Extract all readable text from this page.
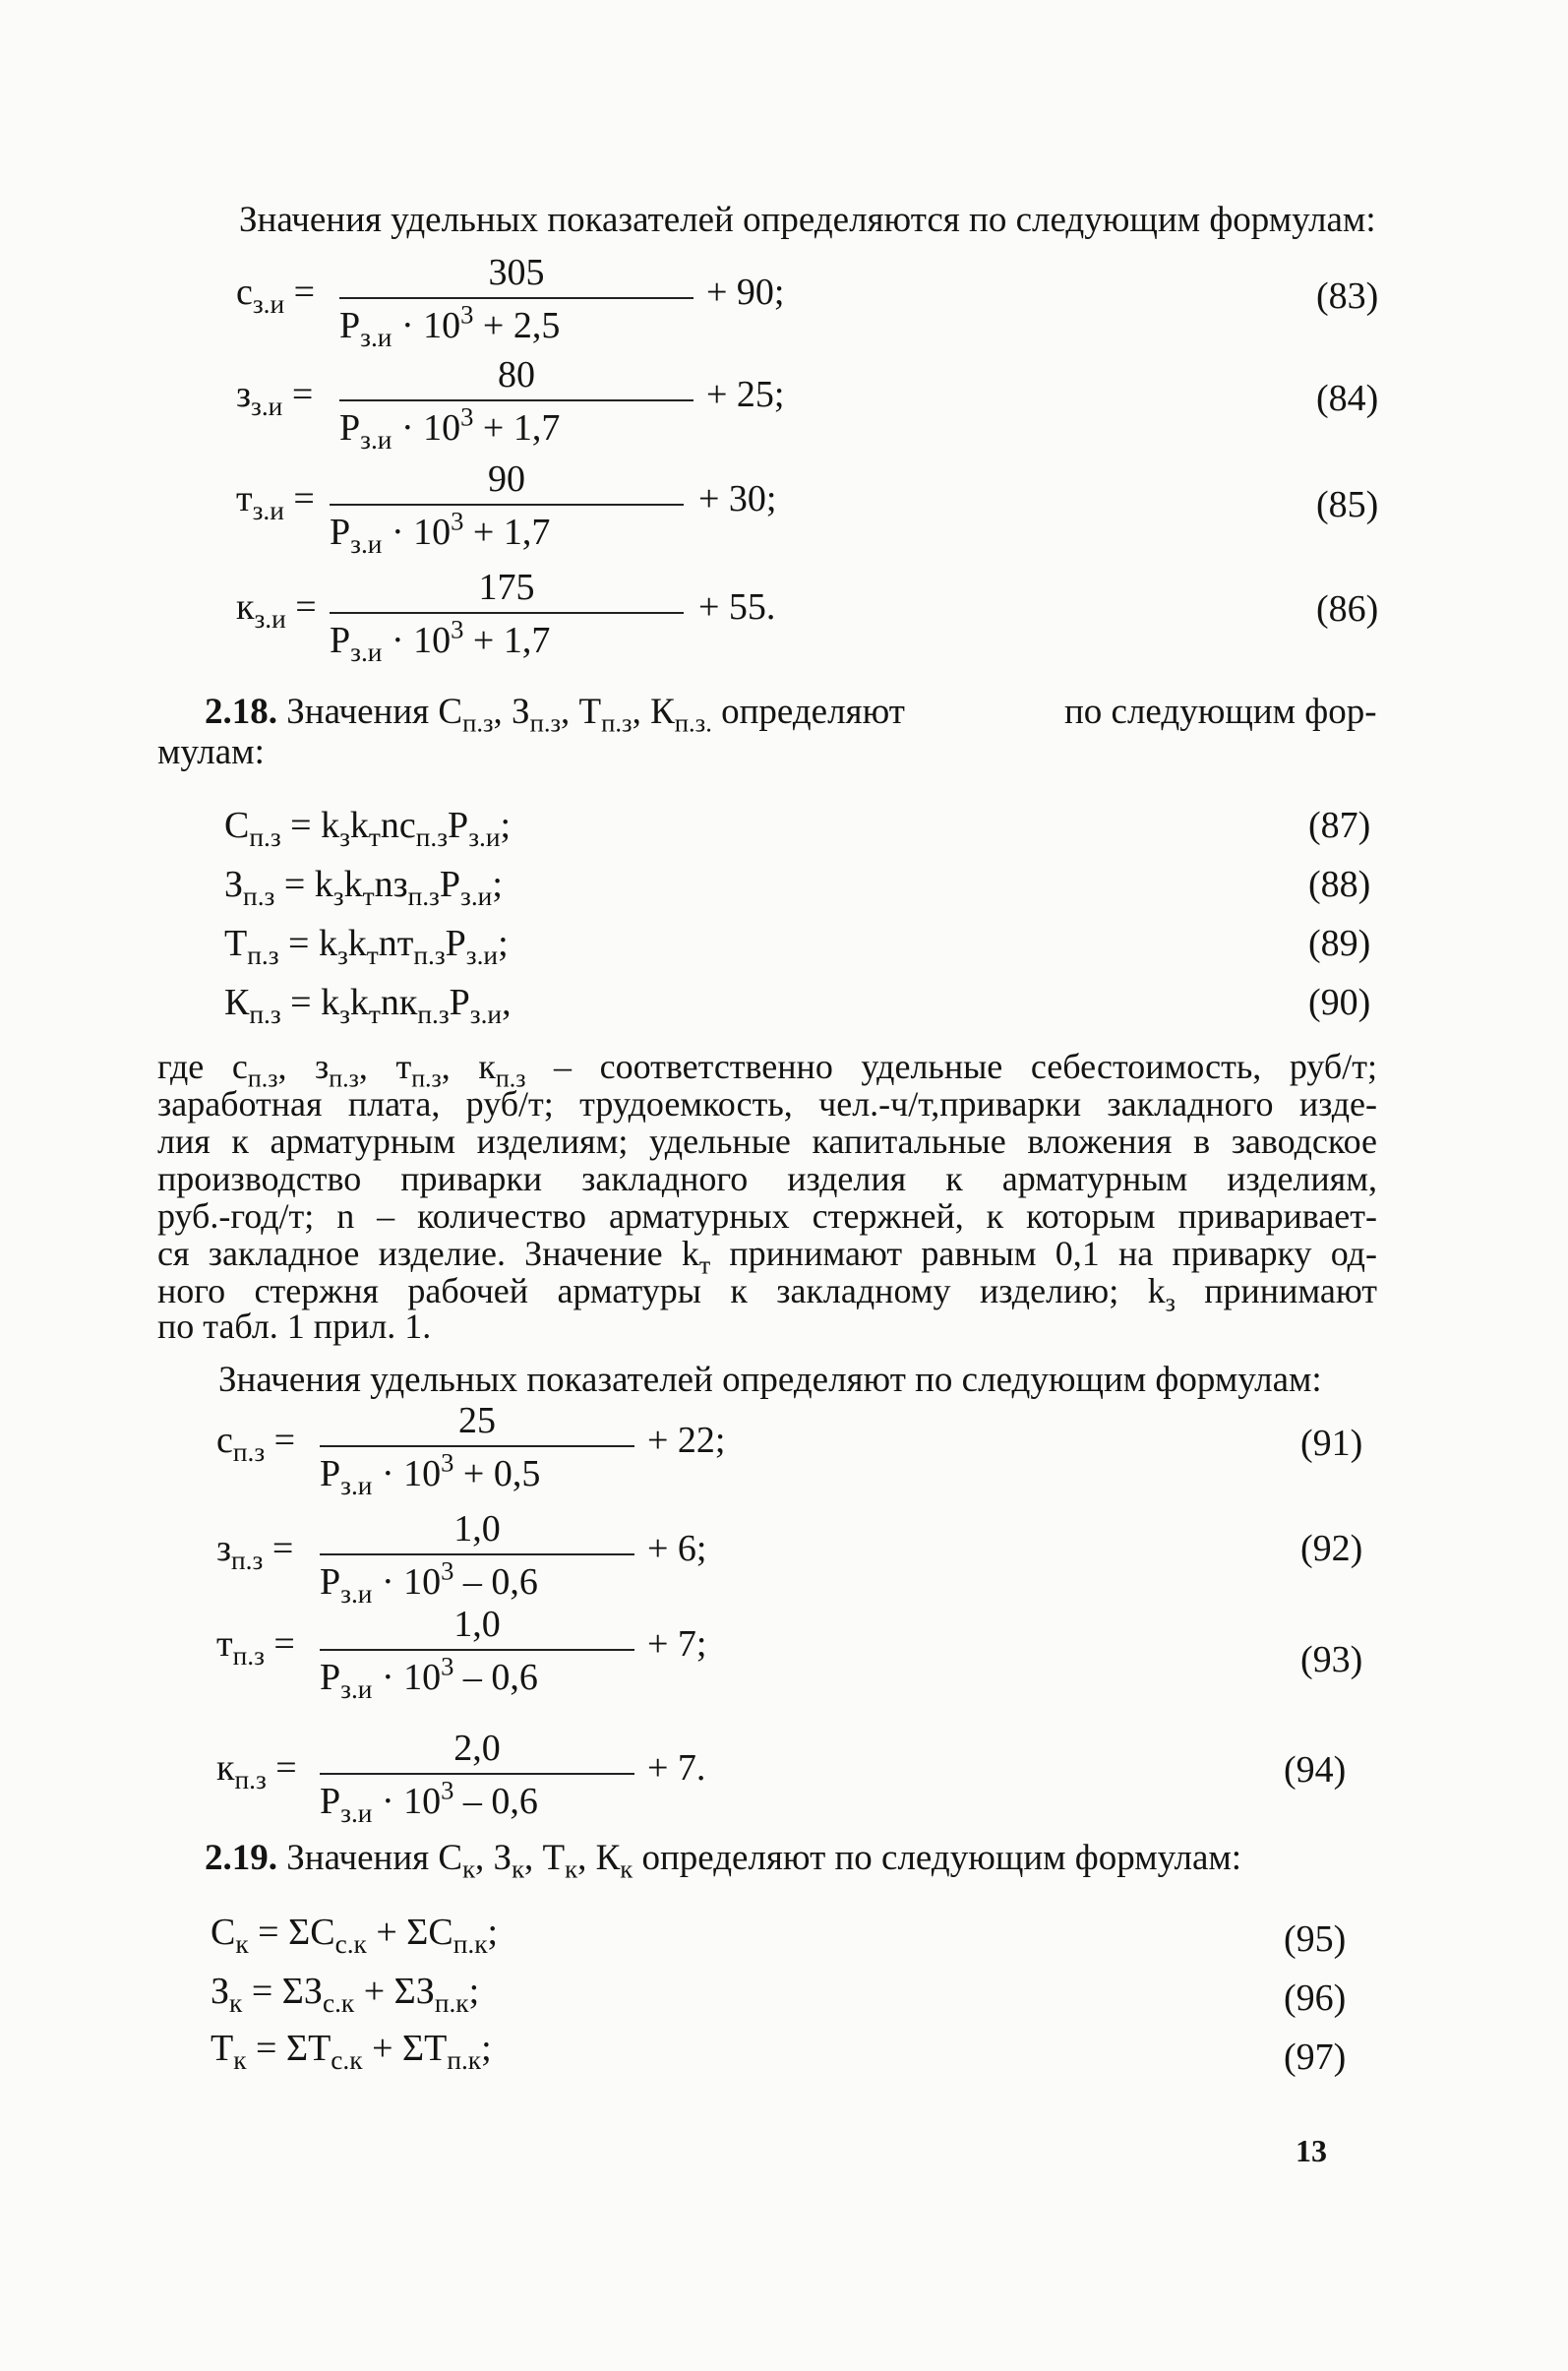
Значения удельных показателей определяются по следующим формулам:
$с_{з.и}$ =	305
$Р_{з.и} \cdot 10^3 + 2,5$
+ 90;	(83)
$з_{з.и}$ =	80
$Р_{з.и} \cdot 10^3 + 1,7$
+ 25;	(84)
$т_{з.и}$ =	90
$Р_{з.и} \cdot 10^3 + 1,7$
+ 30;	(85)
$к_{з.и}$ =	175
$Р_{з.и} \cdot 10^3 + 1,7$
+ 55.	(86)
2.18. Значения $С_{п.з}$, $З_{п.з}$, $Т_{п.з}$, $К_{п.з.}$ определяют	по следующим фор-
мулам:
$С_{п.з} = k_зk_тnс_{п.з}Р_{з.и}$;	(87)
$З_{п.з} = k_зk_тnз_{п.з}Р_{з.и}$;	(88)
$Т_{п.з} = k_зk_тnт_{п.з}Р_{з.и}$;	(89)
$К_{п.з} = k_зk_тnк_{п.з}Р_{з.и}$,	(90)
где $с_{п.з}$, $з_{п.з}$, $т_{п.з}$, $к_{п.з}$ – соответственно удельные себестоимость, руб/т;
заработная плата, руб/т; трудоемкость, чел.-ч/т,приварки закладного изде-
лия к арматурным изделиям; удельные капитальные вложения в заводское
производство приварки закладного изделия к арматурным изделиям,
руб.-год/т; n – количество арматурных стержней, к которым приваривает-
ся закладное изделие. Значение $k_т$ принимают равным 0,1 на приварку од-
ного стержня рабочей арматуры к закладному изделию; $k_з$ принимают
по табл. 1 прил. 1.
Значения удельных показателей определяют по следующим формулам:
$с_{п.з}$ =	25
$Р_{з.и} \cdot 10^3 + 0,5$
+ 22;	(91)
$з_{п.з}$ =	1,0
$Р_{з.и} \cdot 10^3 - 0,6$
+ 6;	(92)
$т_{п.з}$ =	1,0
$Р_{з.и} \cdot 10^3 - 0,6$
+ 7;	(93)
$к_{п.з}$ =	2,0
$Р_{з.и} \cdot 10^3 - 0,6$
+ 7.	(94)
2.19. Значения $С_к$, $З_к$, $Т_к$, $К_к$ определяют по следующим формулам:
$С_к = \Sigma С_{с.к} + \Sigma С_{п.к}$;	(95)
$З_к = \Sigma З_{с.к} + \Sigma З_{п.к}$;	(96)
$Т_к = \Sigma Т_{с.к} + \Sigma Т_{п.к}$;	(97)
13
